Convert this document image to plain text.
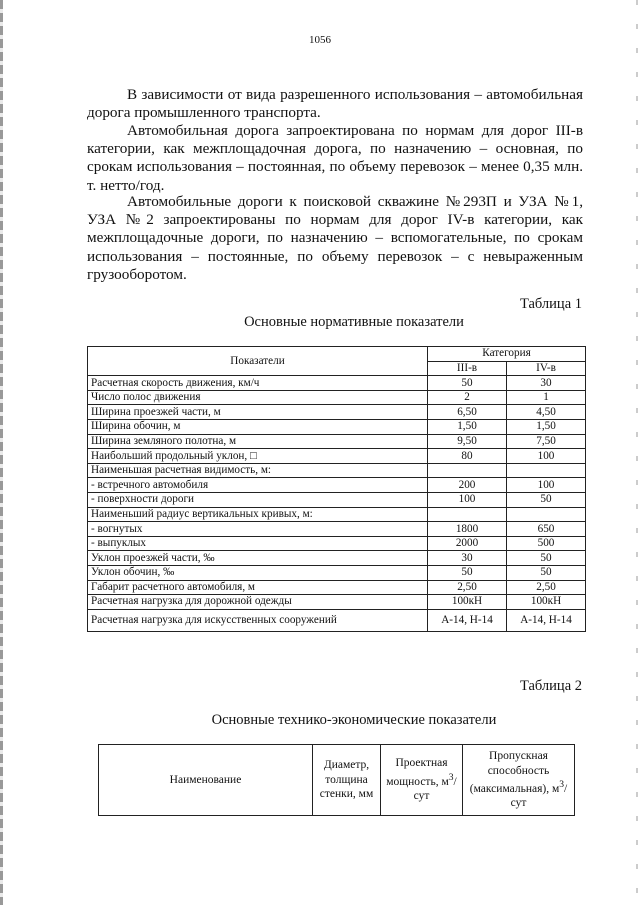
1056

В зависимости от вида разрешенного использования – автомобильная дорога промышленного транспорта.

Автомобильная дорога запроектирована по нормам для дорог III-в категории, как межплощадочная дорога, по назначению – основная, по срокам использования – постоянная, по объему перевозок – менее 0,35 млн. т. нетто/год.

Автомобильные дороги к поисковой скважине №293П и УЗА №1, УЗА №2 запроектированы по нормам для дорог IV-в категории, как межплощадочные дороги, по назначению – вспомогательные, по срокам использования – постоянные, по объему перевозок – с невыраженным грузооборотом.

Таблица 1
Основные нормативные показатели
Показатели	Категория	
	III-в	IV-в
Расчетная скорость движения, км/ч	50	30
Число полос движения	2	1
Ширина проезжей части, м	6,50	4,50
Ширина обочин, м	1,50	1,50
Ширина земляного полотна, м	9,50	7,50
Наибольший продольный уклон, □	80	100
Наименьшая расчетная видимость, м:		
- встречного автомобиля	200	100
- поверхности дороги	100	50
Наименьший радиус вертикальных кривых, м:		
- вогнутых	1800	650
- выпуклых	2000	500
Уклон проезжей части, ‰	30	50
Уклон обочин, ‰	50	50
Габарит расчетного автомобиля, м	2,50	2,50
Расчетная нагрузка для дорожной одежды	100кН	100кН
Расчетная нагрузка для искусственных сооружений	А-14, Н-14	А-14, Н-14
Таблица 2
Основные технико-экономические показатели
Наименование	Диаметр, толщина стенки, мм	Проектная мощность, $м^3$/сут	Пропускная способность (максимальная), $м^3$/сут
